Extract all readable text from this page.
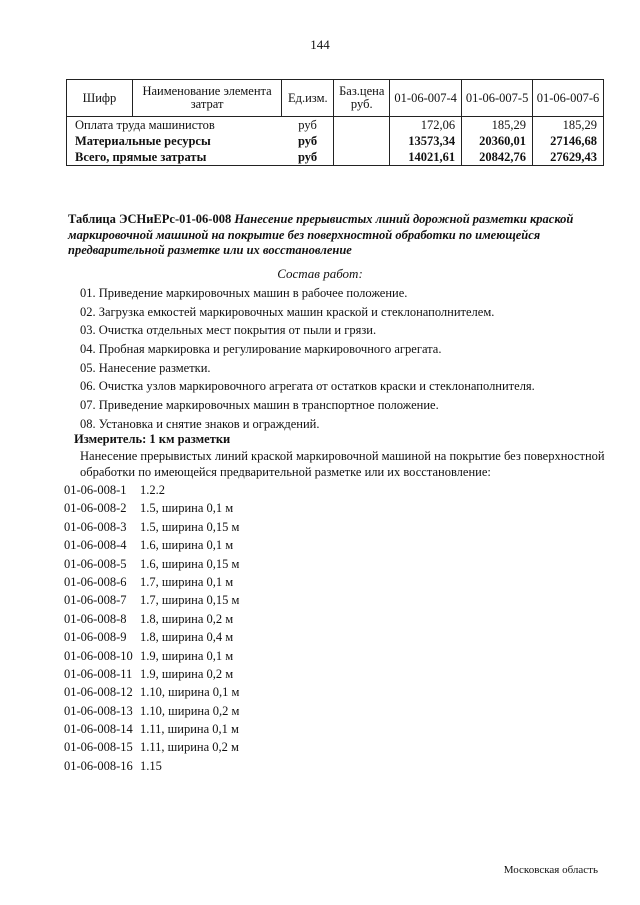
144
Шифр	Наименование элемента затрат	Ед.изм.	Баз.цена руб.	01-06-007-4	01-06-007-5	01-06-007-6
Оплата труда машинистов		руб		172,06	185,29	185,29
Материальные ресурсы		руб		13573,34	20360,01	27146,68
Всего, прямые затраты		руб		14021,61	20842,76	27629,43
Таблица ЭСНиЕРс-01-06-008 Нанесение прерывистых линий дорожной разметки краской маркировочной машиной на покрытие без поверхностной обработки по имеющейся предварительной разметке или их восстановление
Состав работ:
01. Приведение маркировочных машин в рабочее положение.
02. Загрузка емкостей маркировочных машин краской и стеклонаполнителем.
03. Очистка отдельных мест покрытия от пыли и грязи.
04. Пробная маркировка и регулирование маркировочного агрегата.
05. Нанесение разметки.
06. Очистка узлов маркировочного агрегата от остатков краски и стеклонаполнителя.
07. Приведение маркировочных машин в транспортное положение.
08. Установка и снятие знаков и ограждений.
Измеритель: 1 км разметки
Нанесение прерывистых линий краской маркировочной машиной на покрытие без поверхностной обработки по имеющейся предварительной разметке или их восстановление:
01-06-008-1	1.2.2
01-06-008-2	1.5, ширина 0,1 м
01-06-008-3	1.5, ширина 0,15 м
01-06-008-4	1.6, ширина 0,1 м
01-06-008-5	1.6, ширина 0,15 м
01-06-008-6	1.7, ширина 0,1 м
01-06-008-7	1.7, ширина 0,15 м
01-06-008-8	1.8, ширина 0,2 м
01-06-008-9	1.8, ширина 0,4 м
01-06-008-10 1.9, ширина 0,1 м
01-06-008-11 1.9, ширина 0,2 м
01-06-008-12 1.10, ширина 0,1 м
01-06-008-13 1.10, ширина 0,2 м
01-06-008-14 1.11, ширина 0,1 м
01-06-008-15 1.11, ширина 0,2 м
01-06-008-16 1.15
Московская область
